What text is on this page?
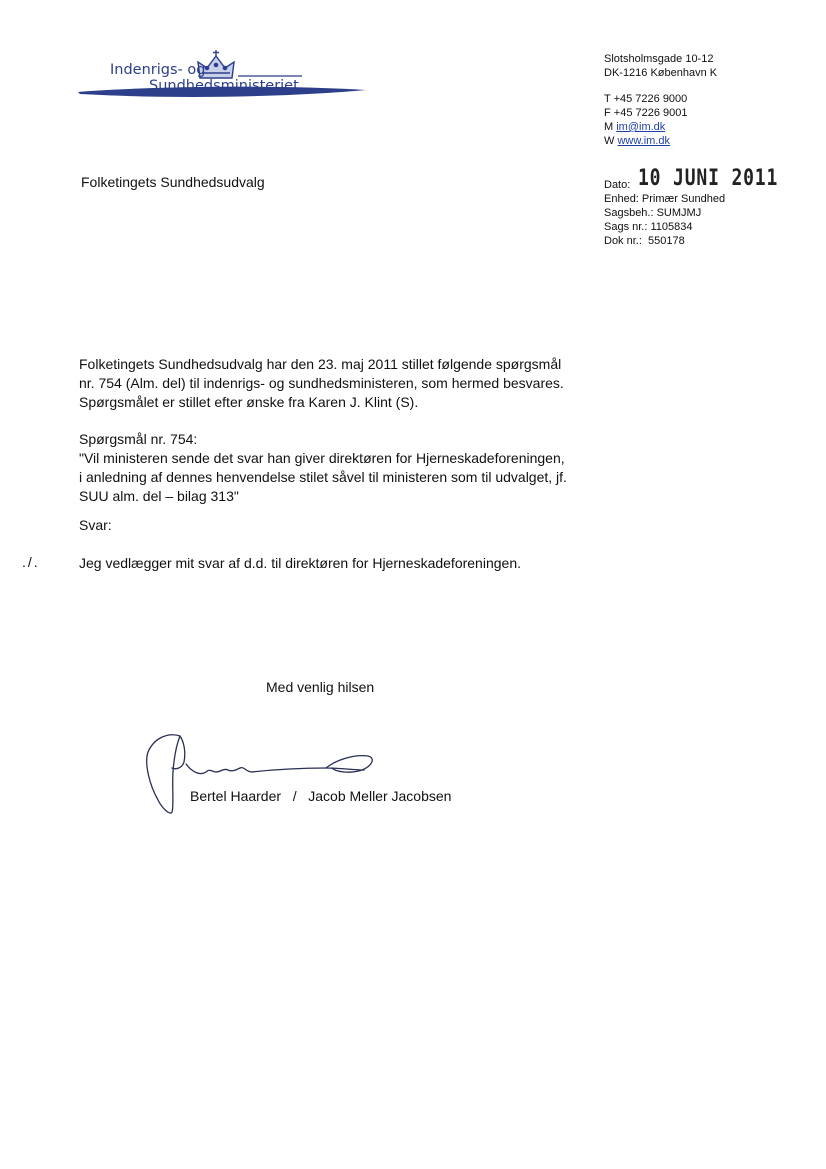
Indenrigs- og
Sundhedsministeriet
Slotsholmsgade 10-12
DK-1216 København K
T +45 7226 9000
F +45 7226 9001
M im@im.dk
W www.im.dk
Folketingets Sundhedsudvalg	Dato: 10 JUNI 2011
Enhed: Primær Sundhed
Sagsbeh.: SUMJMJ
Sags nr.: 1105834
Dok nr.:  550178
Folketingets Sundhedsudvalg har den 23. maj 2011 stillet følgende spørgsmål
nr. 754 (Alm. del) til indenrigs- og sundhedsministeren, som hermed besvares.
Spørgsmålet er stillet efter ønske fra Karen J. Klint (S).
Spørgsmål nr. 754:
"Vil ministeren sende det svar han giver direktøren for Hjerneskadeforeningen,
i anledning af dennes henvendelse stilet såvel til ministeren som til udvalget, jf.
SUU alm. del – bilag 313"
Svar:
./.	Jeg vedlægger mit svar af d.d. til direktøren for Hjerneskadeforeningen.
Med venlig hilsen
Bertel Haarder   /   Jacob Meller Jacobsen
